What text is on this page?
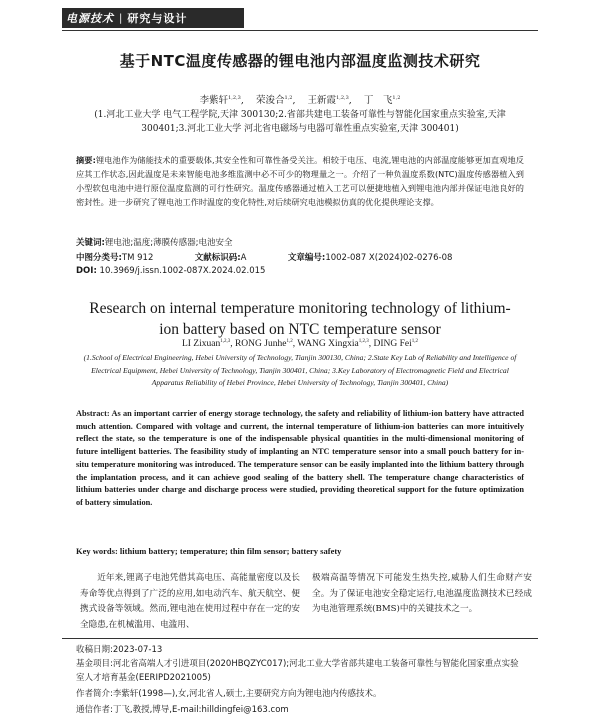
电源技术 | 研究与设计
基于NTC温度传感器的锂电池内部温度监测技术研究
李紫轩$^{1,2,3}$,    荣浚合$^{1,2}$,    王新霞$^{1,2,3}$,    丁　飞$^{1,2}$
(1.河北工业大学 电气工程学院,天津 300130;2.省部共建电工装备可靠性与智能化国家重点实验室,天津 300401;3.河北工业大学 河北省电磁场与电器可靠性重点实验室,天津 300401)
摘要:锂电池作为储能技术的重要载体,其安全性和可靠性备受关注。相较于电压、电流,锂电池的内部温度能够更加直观地反应其工作状态,因此温度是未来智能电池多维监测中必不可少的物理量之一。介绍了一种负温度系数(NTC)温度传感器植入到小型软包电池中进行原位温度监测的可行性研究。温度传感器通过植入工艺可以便捷地植入到锂电池内部并保证电池良好的密封性。进一步研究了锂电池工作时温度的变化特性,对后续研究电池模拟仿真的优化提供理论支撑。
关键词:锂电池;温度;薄膜传感器;电池安全
中图分类号:TM 912	文献标识码:A	文章编号:1002-087 X(2024)02-0276-08
DOI: 10.3969/j.issn.1002-087X.2024.02.015
Research on internal temperature monitoring technology of lithium-
ion battery based on NTC temperature sensor
LI Zixuan$^{1,2,3}$, RONG Junhe$^{1,2}$, WANG Xingxia$^{1,2,3}$, DING Fei$^{1,2}$
(1.School of Electrical Engineering, Hebei University of Technology, Tianjin 300130, China; 2.State Key Lab of Reliability and Intelligence of Electrical Equipment, Hebei University of Technology, Tianjin 300401, China; 3.Key Laboratory of Electromagnetic Field and Electrical Apparatus Reliability of Hebei Province, Hebei University of Technology, Tianjin 300401, China)
Abstract: As an important carrier of energy storage technology, the safety and reliability of lithium-ion battery have attracted much attention. Compared with voltage and current, the internal temperature of lithium-ion batteries can more intuitively reflect the state, so the temperature is one of the indispensable physical quantities in the multi-dimensional monitoring of future intelligent batteries. The feasibility study of implanting an NTC temperature sensor into a small pouch battery for in-situ temperature monitoring was introduced. The temperature sensor can be easily implanted into the lithium battery through the implantation process, and it can achieve good sealing of the battery shell. The temperature change characteristics of lithium batteries under charge and discharge process were studied, providing theoretical support for the future optimization of battery simulation.
Key words: lithium battery; temperature; thin film sensor; battery safety
近年来,锂离子电池凭借其高电压、高能量密度以及长寿命等优点得到了广泛的应用,如电动汽车、航天航空、便携式设备等领域。然而,锂电池在使用过程中存在一定的安全隐患,在机械滥用、电滥用、
极端高温等情况下可能发生热失控,威胁人们生命财产安全。为了保证电池安全稳定运行,电池温度监测技术已经成为电池管理系统(BMS)中的关键技术之一。
收稿日期:2023-07-13
基金项目:河北省高端人才引进项目(2020HBQZYC017);河北工业大学省部共建电工装备可靠性与智能化国家重点实验室人才培育基金(EERIPD2021005)
作者简介:李紫轩(1998—),女,河北省人,硕士,主要研究方向为锂电池内传感技术。
通信作者:丁飞,教授,博导,E-mail:hilldingfei@163.com
